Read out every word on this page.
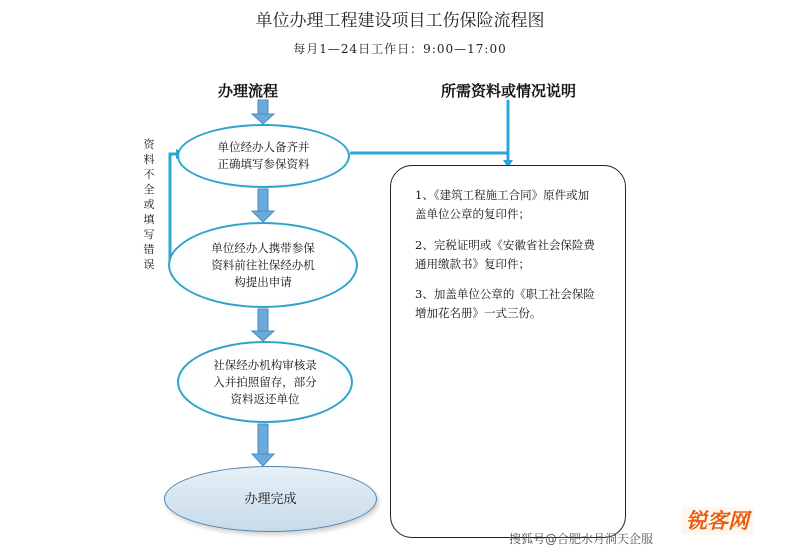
单位办理工程建设项目工伤保险流程图
每月1—24日工作日：9:00—17:00
办理流程	所需资料或情况说明
资料不全或填写错误
单位经办人备齐并
正确填写参保资料
单位经办人携带参保
资料前往社保经办机
构提出申请
社保经办机构审核录
入并拍照留存，部分
资料返还单位
办理完成
1、《建筑工程施工合同》原件或加
盖单位公章的复印件；
2、完税证明或《安徽省社会保险费
通用缴款书》复印件；
3、加盖单位公章的《职工社会保险
增加花名册》一式三份。
搜狐号@合肥水月洞天企服
锐客网
